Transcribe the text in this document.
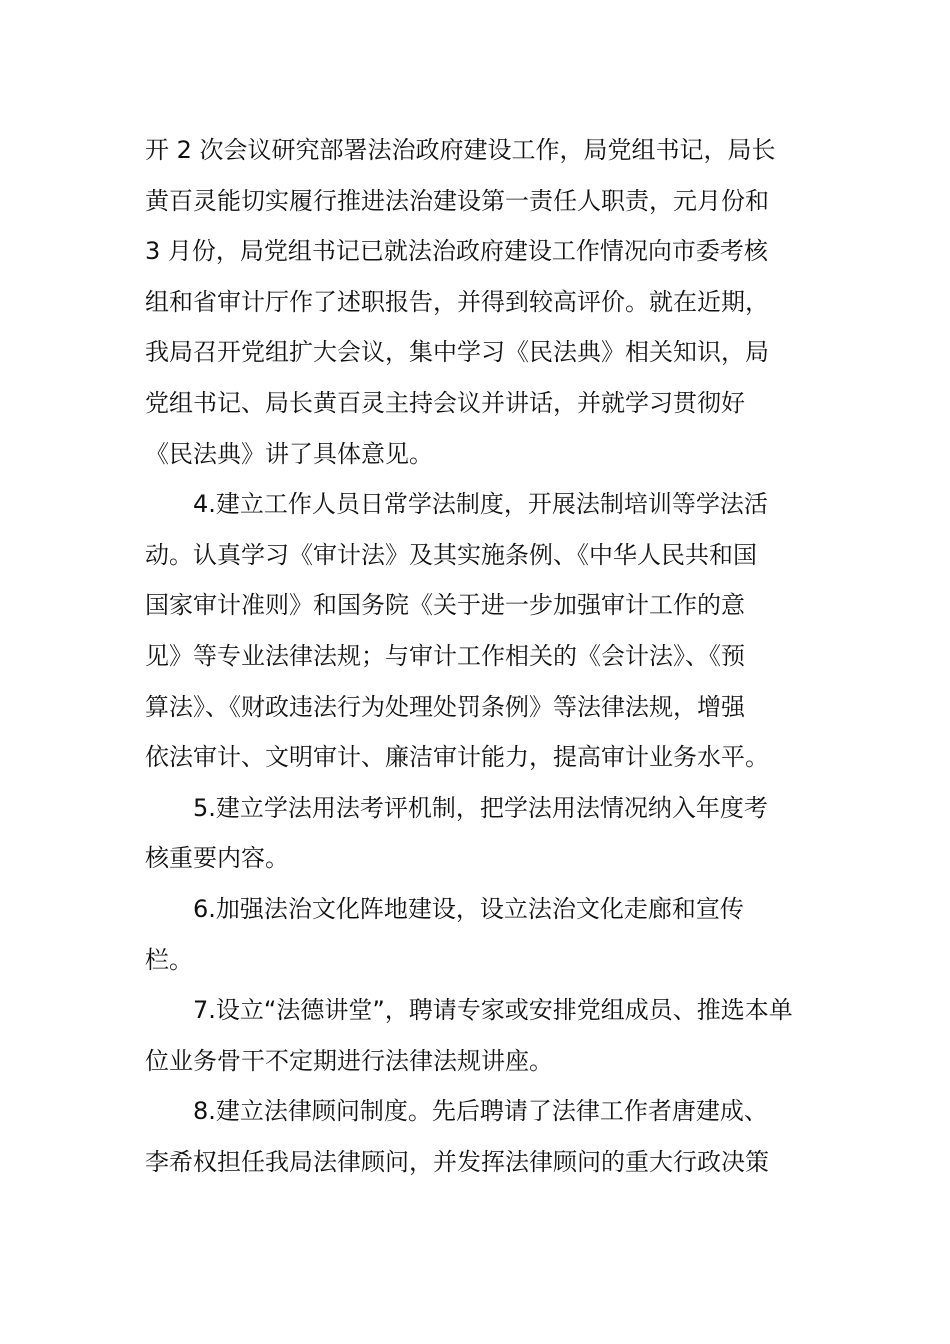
开 2 次会议研究部署法治政府建设工作，局党组书记，局长
黄百灵能切实履行推进法治建设第一责任人职责，元月份和
3 月份，局党组书记已就法治政府建设工作情况向市委考核
组和省审计厅作了述职报告，并得到较高评价。就在近期，
我局召开党组扩大会议，集中学习《民法典》相关知识，局
党组书记、局长黄百灵主持会议并讲话，并就学习贯彻好
《民法典》讲了具体意见。
4.建立工作人员日常学法制度，开展法制培训等学法活
动。认真学习《审计法》及其实施条例、《中华人民共和国
国家审计准则》和国务院《关于进一步加强审计工作的意
见》等专业法律法规；与审计工作相关的《会计法》、《预
算法》、《财政违法行为处理处罚条例》等法律法规，增强
依法审计、文明审计、廉洁审计能力，提高审计业务水平。
5.建立学法用法考评机制，把学法用法情况纳入年度考
核重要内容。
6.加强法治文化阵地建设，设立法治文化走廊和宣传
栏。
7.设立“法德讲堂”，聘请专家或安排党组成员、推选本单
位业务骨干不定期进行法律法规讲座。
8.建立法律顾问制度。先后聘请了法律工作者唐建成、
李希权担任我局法律顾问，并发挥法律顾问的重大行政决策
